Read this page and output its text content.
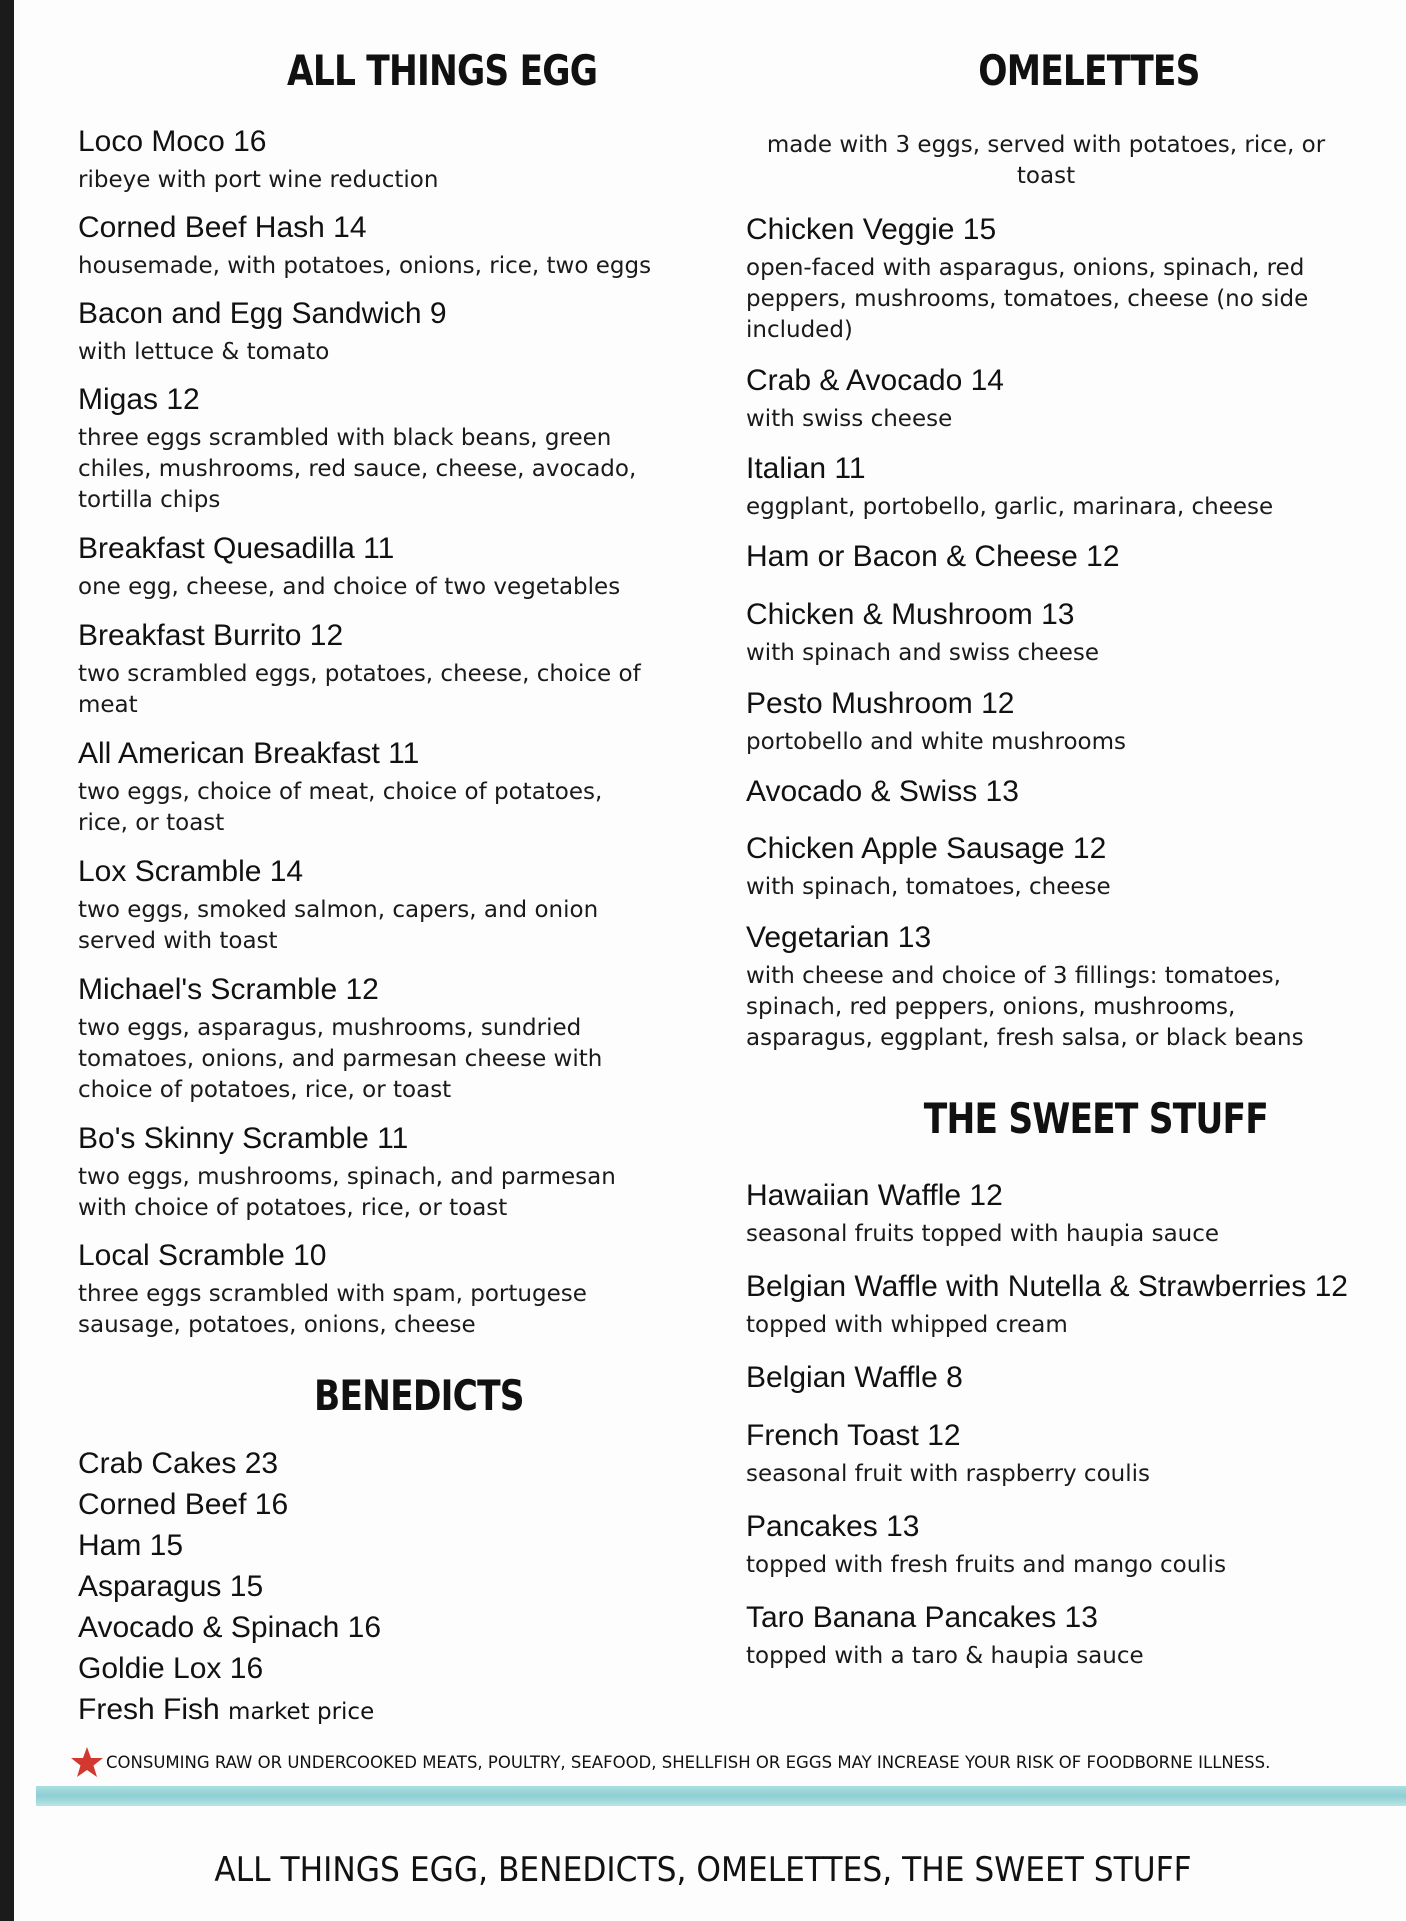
ALL THINGS EGG
Loco Moco 16
ribeye with port wine reduction
Corned Beef Hash 14
housemade, with potatoes, onions, rice, two eggs
Bacon and Egg Sandwich 9
with lettuce & tomato
Migas 12
three eggs scrambled with black beans, green
chiles, mushrooms, red sauce, cheese, avocado,
tortilla chips
Breakfast Quesadilla 11
one egg, cheese, and choice of two vegetables
Breakfast Burrito 12
two scrambled eggs, potatoes, cheese, choice of
meat
All American Breakfast 11
two eggs, choice of meat, choice of potatoes,
rice, or toast
Lox Scramble 14
two eggs, smoked salmon, capers, and onion
served with toast
Michael's Scramble 12
two eggs, asparagus, mushrooms, sundried
tomatoes, onions, and parmesan cheese with
choice of potatoes, rice, or toast
Bo's Skinny Scramble 11
two eggs, mushrooms, spinach, and parmesan
with choice of potatoes, rice, or toast
Local Scramble 10
three eggs scrambled with spam, portugese
sausage, potatoes, onions, cheese
BENEDICTS
Crab Cakes 23
Corned Beef 16
Ham 15
Asparagus 15
Avocado & Spinach 16
Goldie Lox 16
Fresh Fish market price
OMELETTES
made with 3 eggs, served with potatoes, rice, or toast
Chicken Veggie 15
open-faced with asparagus, onions, spinach, red
peppers, mushrooms, tomatoes, cheese (no side
included)
Crab & Avocado 14
with swiss cheese
Italian 11
eggplant, portobello, garlic, marinara, cheese
Ham or Bacon & Cheese 12
Chicken & Mushroom 13
with spinach and swiss cheese
Pesto Mushroom 12
portobello and white mushrooms
Avocado & Swiss 13
Chicken Apple Sausage 12
with spinach, tomatoes, cheese
Vegetarian 13
with cheese and choice of 3 fillings: tomatoes,
spinach, red peppers, onions, mushrooms,
asparagus, eggplant, fresh salsa, or black beans
THE SWEET STUFF
Hawaiian Waffle 12
seasonal fruits topped with haupia sauce
Belgian Waffle with Nutella & Strawberries 12
topped with whipped cream
Belgian Waffle 8
French Toast 12
seasonal fruit with raspberry coulis
Pancakes 13
topped with fresh fruits and mango coulis
Taro Banana Pancakes 13
topped with a taro & haupia sauce
CONSUMING RAW OR UNDERCOOKED MEATS, POULTRY, SEAFOOD, SHELLFISH OR EGGS MAY INCREASE YOUR RISK OF FOODBORNE ILLNESS.
ALL THINGS EGG, BENEDICTS, OMELETTES, THE SWEET STUFF
